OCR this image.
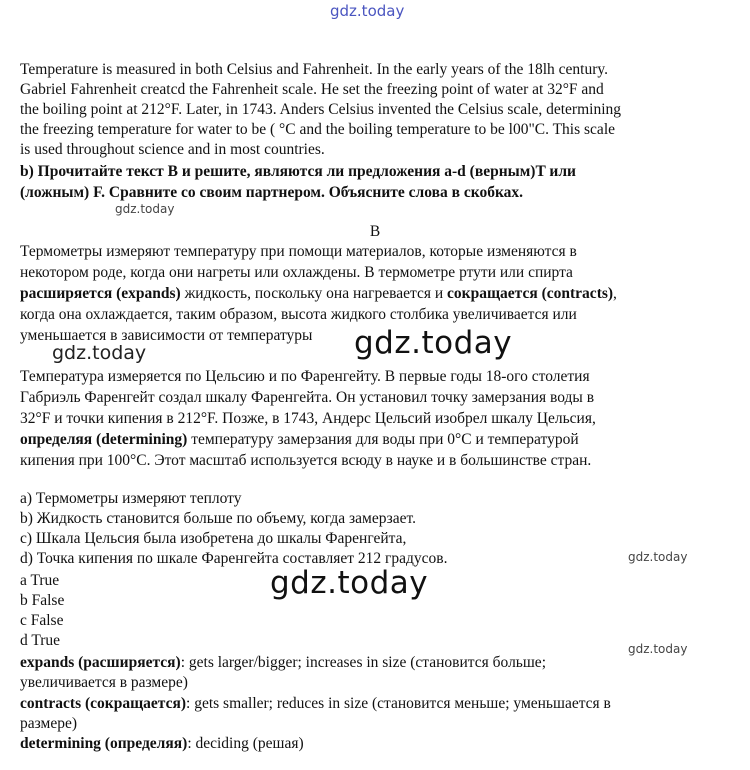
gdz.today
gdz.today
gdz.today	gdz.today
gdz.today
gdz.today
gdz.today
Temperature is measured in both Celsius and Fahrenheit. In the early years of the 18lh century.
Gabriel Fahrenheit creatcd the Fahrenheit scale. He set the freezing point of water at 32°F and
the boiling point at 212°F. Later, in 1743. Anders Celsius invented the Celsius scale, determining
the freezing temperature for water to be ( °C and the boiling temperature to be l00"C. This scale
is used throughout science and in most countries.
b) Прочитайте текст B и решите, являются ли предложения a-d (верным)T или
(ложным) F. Сравните со своим партнером. Объясните слова в скобках.
B
Термометры измеряют температуру при помощи материалов, которые изменяются в
некотором роде, когда они нагреты или охлаждены. В термометре ртути или спирта
расширяется (expands) жидкость, поскольку она нагревается и сокращается (contracts),
когда она охлаждается, таким образом, высота жидкого столбика увеличивается или
уменьшается в зависимости от температуры
Температура измеряется по Цельсию и по Фаренгейту. В первые годы 18-ого столетия
Габриэль Фаренгейт создал шкалу Фаренгейта. Он установил точку замерзания воды в
32°F и точки кипения в 212°F. Позже, в 1743, Андерс Цельсий изобрел шкалу Цельсия,
определяя (determining) температуру замерзания для воды при 0°C и температурой
кипения при 100°C. Этот масштаб используется всюду в науке и в большинстве стран.
a) Термометры измеряют теплоту
b) Жидкость становится больше по объему, когда замерзает.
c) Шкала Цельсия была изобретена до шкалы Фаренгейта,
d) Точка кипения по шкале Фаренгейта составляет 212 градусов.
a True
b False
c False
d True
expands (расширяется): gets larger/bigger; increases in size (становится больше;
увеличивается в размере)
contracts (сокращается): gets smaller; reduces in size (становится меньше; уменьшается в
размере)
determining (определяя): deciding (решая)
